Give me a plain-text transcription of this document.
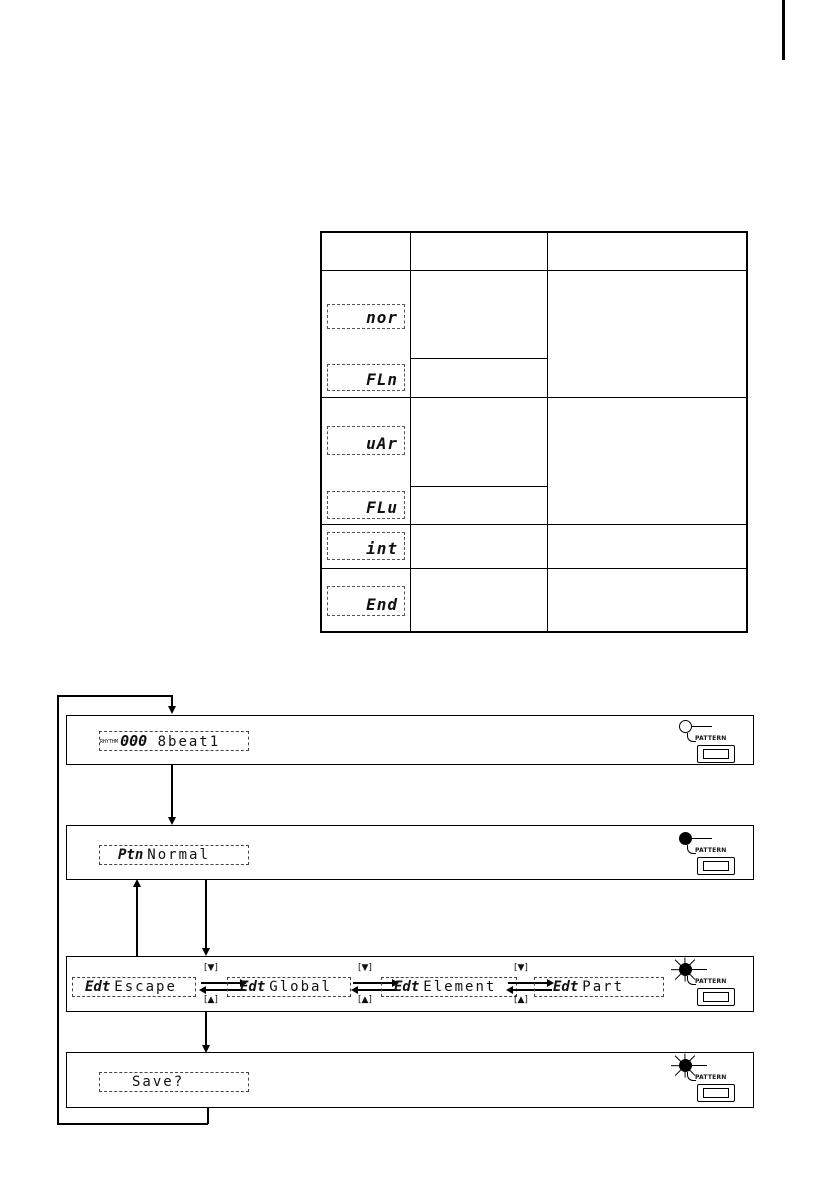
nor
FLn
uAr
FLu
int
End
RHYTHM 000 8beat1	PATTERN
Ptn Normal	PATTERN
Edt Escape	Edt Global	Edt Element	Edt Part
[▼]
[▲]
[▼]
[▲]
[▼]
[▲]
PATTERN
Save?	PATTERN
